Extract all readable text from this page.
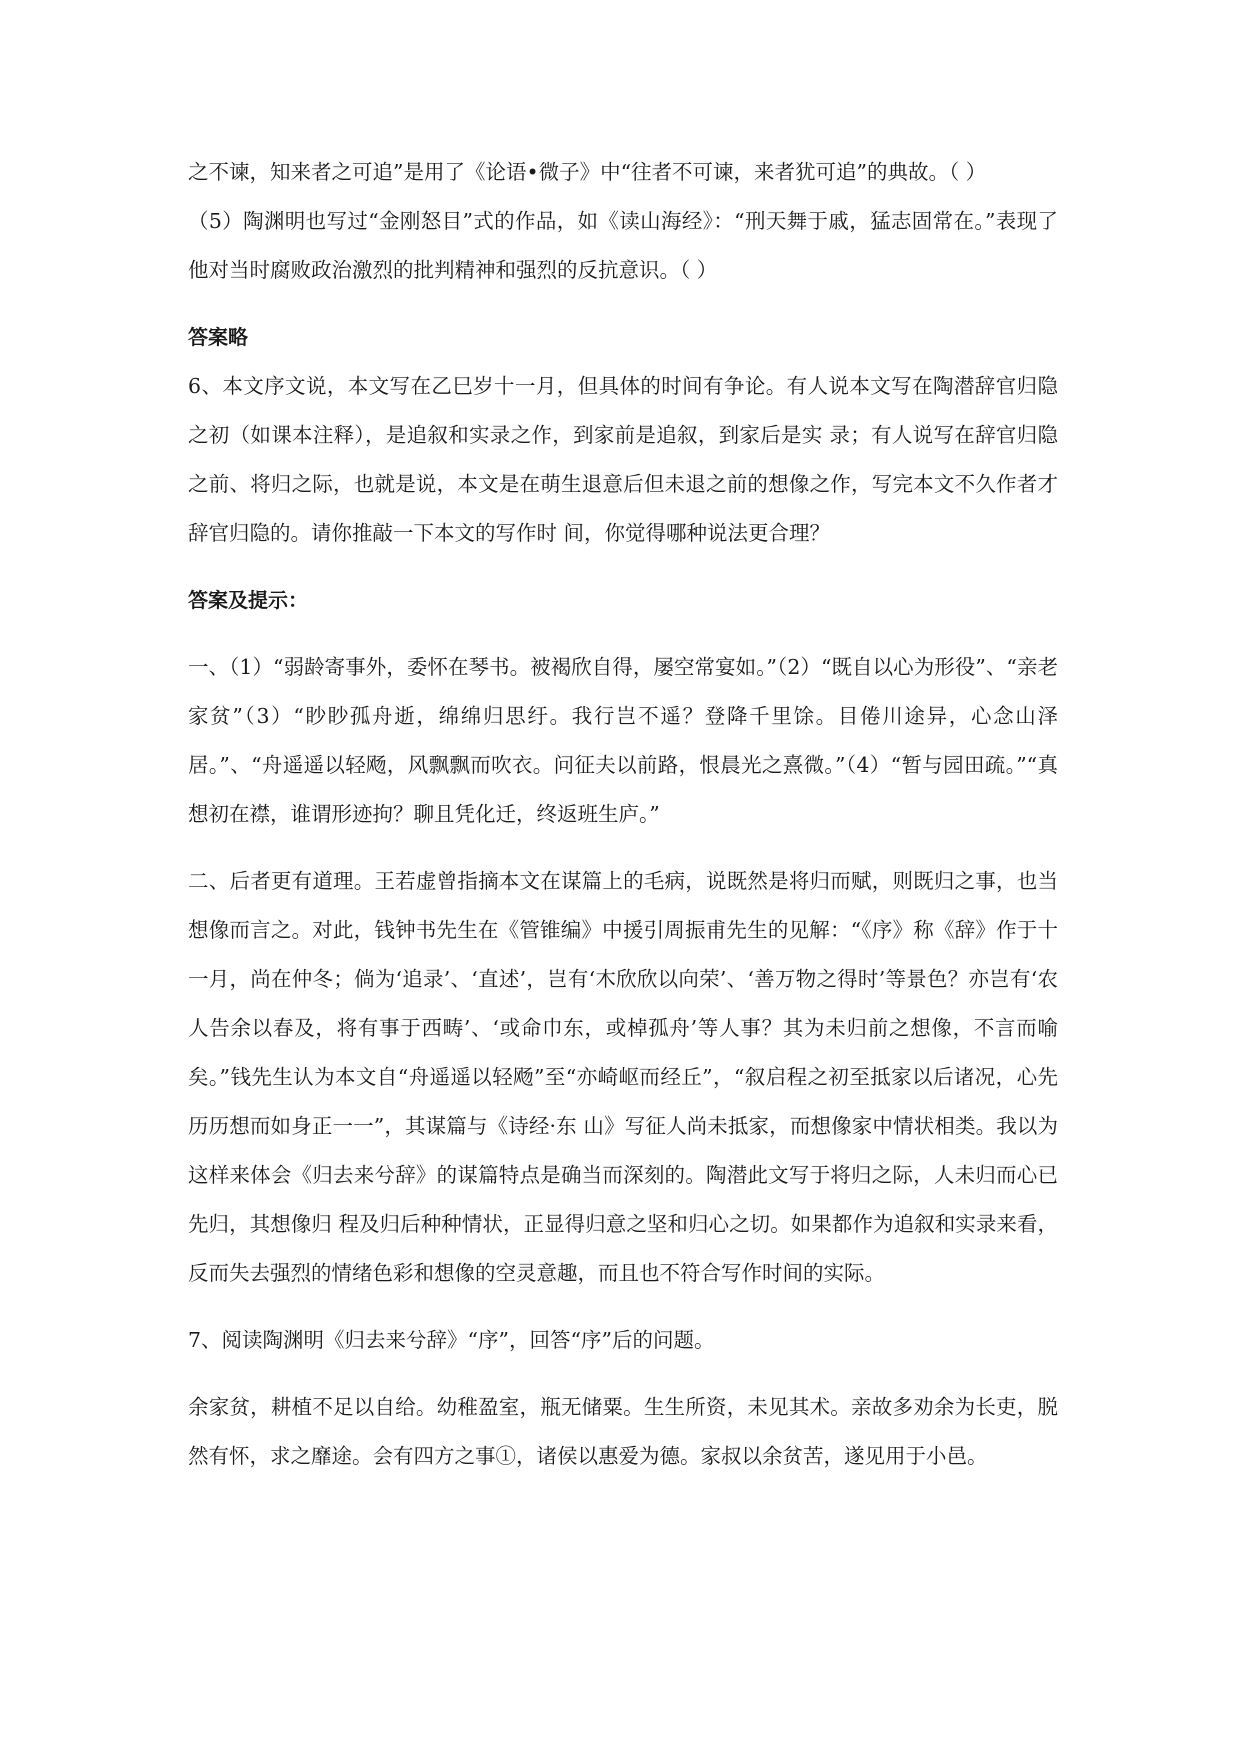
之不谏，知来者之可追”是用了《论语•微子》中“往者不可谏，来者犹可追”的典故。（ ）

（5）陶渊明也写过“金刚怒目”式的作品，如《读山海经》：“刑天舞于戚，猛志固常在。”表现了他对当时腐败政治激烈的批判精神和强烈的反抗意识。（ ）

答案略

6、本文序文说，本文写在乙巳岁十一月，但具体的时间有争论。有人说本文写在陶潜辞官归隐之初（如课本注释），是追叙和实录之作，到家前是追叙，到家后是实 录；有人说写在辞官归隐之前、将归之际，也就是说，本文是在萌生退意后但未退之前的想像之作，写完本文不久作者才辞官归隐的。请你推敲一下本文的写作时 间，你觉得哪种说法更合理？

答案及提示：

一、（1）“弱龄寄事外，委怀在琴书。被褐欣自得，屡空常宴如。”（2）“既自以心为形役”、“亲老家贫”（3）“眇眇孤舟逝，绵绵归思纡。我行岂不遥？登降千里馀。目倦川途异，心念山泽居。”、“舟遥遥以轻飏，风飘飘而吹衣。问征夫以前路，恨晨光之熹微。”（4）“暂与园田疏。”“真想初在襟，谁谓形迹拘？聊且凭化迁，终返班生庐。”

二、后者更有道理。王若虚曾指摘本文在谋篇上的毛病，说既然是将归而赋，则既归之事，也当想像而言之。对此，钱钟书先生在《管锥编》中援引周振甫先生的见解：“《序》称《辞》作于十一月，尚在仲冬；倘为‘追录’、‘直述’，岂有‘木欣欣以向荣’、‘善万物之得时’等景色？亦岂有‘农人告余以春及，将有事于西畴’、‘或命巾东，或棹孤舟’等人事？其为未归前之想像，不言而喻矣。”钱先生认为本文自“舟遥遥以轻飏”至“亦崎岖而经丘”，“叙启程之初至抵家以后诸况，心先历历想而如身正一一”，其谋篇与《诗经·东 山》写征人尚未抵家，而想像家中情状相类。我以为这样来体会《归去来兮辞》的谋篇特点是确当而深刻的。陶潜此文写于将归之际，人未归而心已先归，其想像归 程及归后种种情状，正显得归意之坚和归心之切。如果都作为追叙和实录来看，反而失去强烈的情绪色彩和想像的空灵意趣，而且也不符合写作时间的实际。

7、阅读陶渊明《归去来兮辞》“序”，回答“序”后的问题。

余家贫，耕植不足以自给。幼稚盈室，瓶无储粟。生生所资，未见其术。亲故多劝余为长吏，脱然有怀，求之靡途。会有四方之事①，诸侯以惠爱为德。家叔以余贫苦，遂见用于小邑。
